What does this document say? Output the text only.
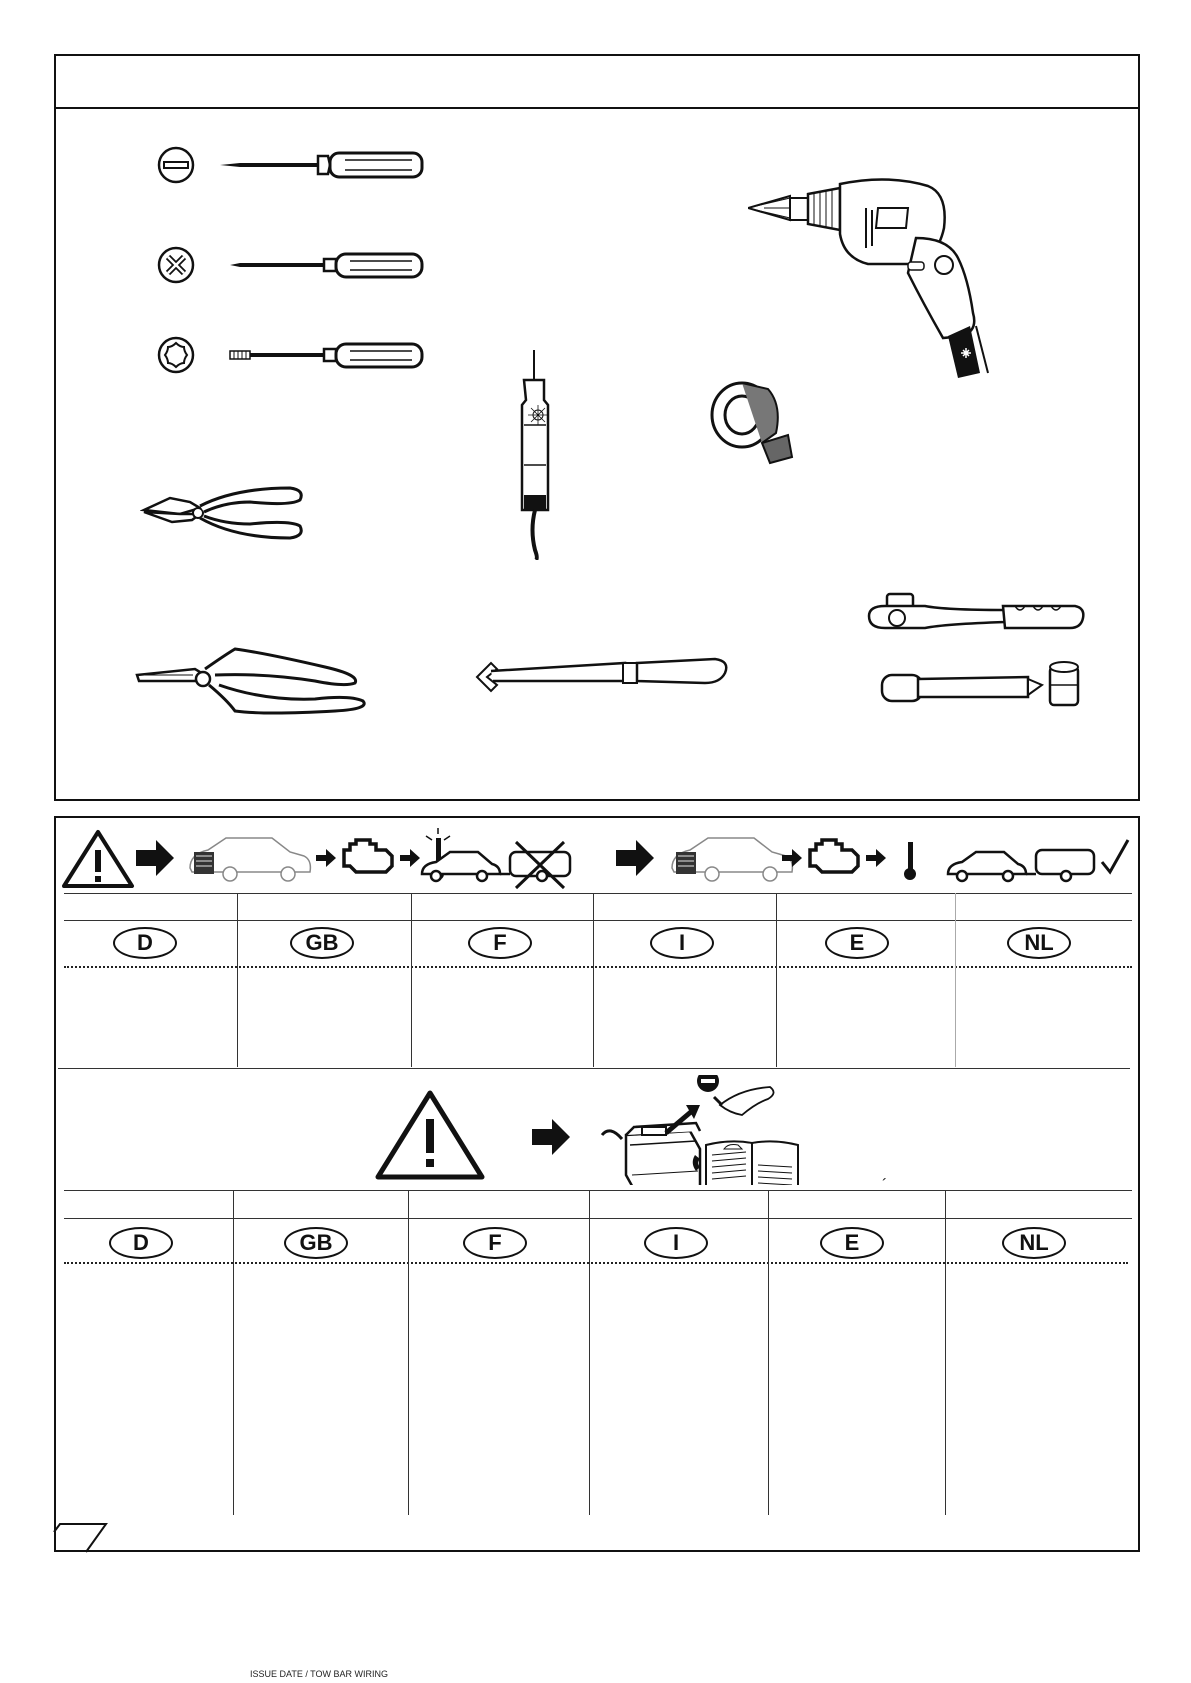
D	GB	F	I	E	NL
´
D	GB	F	I	E	NL
ISSUE DATE / TOW BAR WIRING
